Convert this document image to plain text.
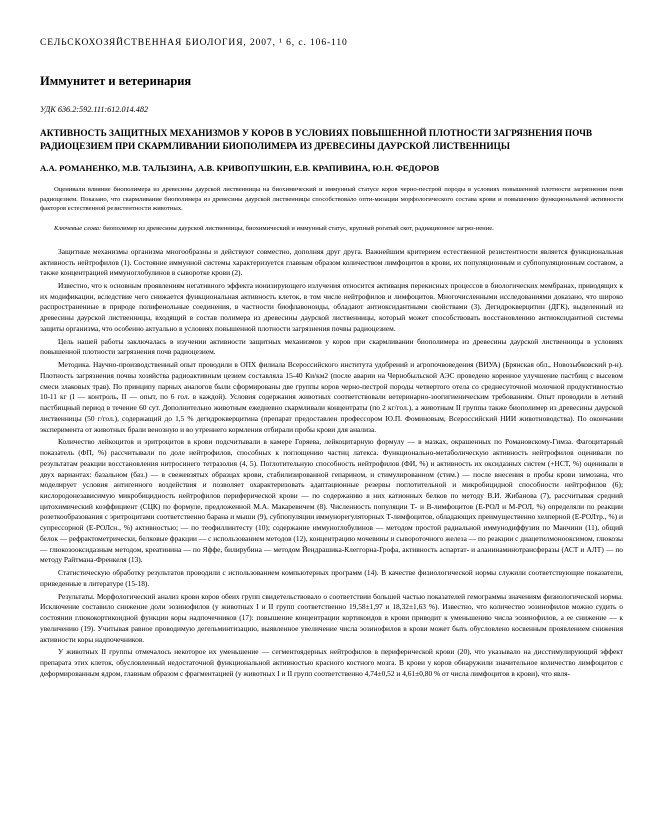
СЕЛЬСКОХОЗЯЙСТВЕННАЯ БИОЛОГИЯ, 2007, ¹ 6, с. 106-110
Иммунитет и ветеринария
УДК 636.2:592.111:612.014.482
АКТИВНОСТЬ ЗАЩИТНЫХ МЕХАНИЗМОВ У КОРОВ В УСЛОВИЯХ ПОВЫШЕННОЙ ПЛОТНОСТИ ЗАГРЯЗНЕНИЯ ПОЧВ РАДИОЦЕЗИЕМ ПРИ СКАРМЛИВАНИИ БИОПОЛИМЕРА ИЗ ДРЕВЕСИНЫ ДАУРСКОЙ ЛИСТВЕННИЦЫ
А.А. РОМАНЕНКО, М.В. ТАЛЫЗИНА, А.В. КРИВОПУШКИН, Е.В. КРАПИВИНА, Ю.Н. ФЕДОРОВ
Оценивали влияние биополимера из древесины даурской лиственницы на биохимический и иммунный статусе коров черно-пестрой породы в условиях повышенной плотности загрязнения почв радиоцезием. Показано, что скармливание биополимера из древесины даурской лиственницы способствовало опти-мизации морфологического состава крови и повышению функциональной активности факторов естественной резистентности животных.
Ключевые слова: биополимер из древесины даурской лиственницы, биохимический и иммунный статус, крупный рогатый скот, радиационное загряз-нение.

Защитные механизмы организма многообразны и действуют совместно, дополняя друг друга. Важнейшим критерием естественной резистентности является функциональная активность нейтрофилов (1). Состояние иммунной системы характеризуется главным образом количеством лимфоцитов в крови, их популяционным и субпопуляционным составом, а также концентрацией иммуноглобулинов в сыворотке крови (2).

Известно, что к основным проявлениям негативного эффекта ионизирующего излучения относится активация перекисных процессов в биологических мембранах, приводящих к их модификации, вследствие чего снижается функциональная активность клеток, в том числе нейтрофилов и лимфоцитов. Многочисленными исследованиями доказано, что широко распространенные в природе полифенольные соединения, в частности биофлавоноиды, обладают антиоксидантными свойствами (3). Дегидрокверцитин (ДГК), выделенный из древесины даурской лиственницы, входящий в состав полимера из древесины даурской лиственницы, который может способствовать восстановлению антиоксидантной системы защиты организма, что особенно актуально в условиях повышенной плотности загрязнения почвы радиоцезием.

Цель нашей работы заключалась в изучении активности защитных механизмов у коров при скармливании биополимера из древесины даурской лиственницы в условиях повышенной плотности загрязнения почв радиоцезием.

Методика. Научно-производственный опыт проводили в ОПХ филиала Всероссийского института удобрений и агропочвоведения (ВИУА) (Брянская обл., Новозыбковский р-н). Плотность загрязнения почвы хозяйства радиоактивным цезием составляла 15-40 Ки/км2 (после аварии на Чернобыльской АЭС проведено коренное улучшение пастбищ с высевом смеси злаковых трав). По принципу парных аналогов были сформированы две группы коров черно-пестрой породы четвертого отела со среднесуточной молочной продуктивностью 10-11 кг (I — контроль, II — опыт, по 6 гол. в каждой). Условия содержания животных соответствовали ветеринарно-зоогигиеническим требованиям. Опыт проводили в летний пастбищный период в течение 60 сут. Дополнительно животным ежедневно скармливали концентраты (по 2 кг/гол.), а животным II группы также биополимер из древесины даурской лиственницы (50 г/гол.), содержащий до 1,5 % дегидрокверцитина (препарат предоставлен профессором Ю.П. Фоминовым, Всероссийский НИИ животноводства). По окончании эксперимента от животных брали венозную и во утреннего кормления отбирали пробы крови для анализа.

Количество лейкоцитов и эритроцитов в крови подсчитывали в камере Горяева, лейкоцитарную формулу — в мазках, окрашенных по Романовскому-Гимза. Фагоцитарный показатель (ФП, %) рассчитывали по доле нейтрофилов, способных к поглощению частиц латекса. Функционально-метаболическую активность нейтрофилов оценивали по результатам реакции восстановления нитросинего тетразолия (4, 5). Поглотительную способность нейтрофилов (ФИ, %) и активность их оксидазных систем (+НСТ, %) оценивали в двух вариантах: базальном (баз.) — в свежевзятых образцах крови, стабилизированной гепарином, и стимулированном (стим.) — после внесения в пробы крови зимозана, что моделирует условия антигенного воздействия и позволяет охарактеризовать адаптационные резервы поглотительной и микробицидной способности нейтрофилов (6); кислородонезависимую микробицидность нейтрофилов периферической крови — по содержанию в них катионных белков по методу В.И. Жибанова (7), рассчитывая средний цитохимический коэффициент (СЦК) по формуле, предложенной М.А. Макаревичем (8). Численность популяции Т- и В-лимфоцитов (Е-РОЛ и М-РОЛ, %) определяли по реакции розеткообразования с эритроцитами соответственно барана и мыши (9), субпопуляции иммунорегуляторных Т-лимфоцитов, обладающих преимущественно хелперной (Е-РОЛтр., %) и супрессорной (Е-РОЛсн., %) активностью; — по теофиллинтесту (10); содержание иммуноглобулинов — методом простой радиальной иммунодиффузии по Манчини (11), общий белок — рефрактометрически, белковые фракции — с использованием методов (12), концентрацию мочевины и сывороточного железа — по реакции с диацетилмонооксимом, глюкозы — глюкозооксидазным методом, креатинина — по Яффе, билирубина — методом Йендрашика-Клеггорна-Грофа, активность аспартат- и аланинаминотрансферазы (АСТ и АЛТ) — по методу Райтмана-Френкеля (13).

Статистическую обработку результатов проводили с использованием компьютерных программ (14). В качестве физиологической нормы служили соответствующие показатели, приведенные в литературе (15-18).

Результаты. Морфологический анализ крови коров обеих групп свидетельствовало о соответствии большей частью показателей гемограммы значениям физиологической нормы. Исключение составило снижение доли эозинофилов (у животных I и II групп соответственно 19,58±1,97 и 18,32±1,63 %). Известно, что количество эозинофилов можно судить о состоянии глюкокортикоидной функции коры надпочечников (17): повышение концентрации кортикоидов в крови приводит к уменьшению числа эозинофилов, а ее снижение — к увеличению (19). Учитывая равное проводимую дегельминтизацию, выявленное увеличение числа эозинофилов в крови может быть обусловлено косвенным проявлением снижения активности коры надпочечников.

У животных II группы отмечалось некоторое их уменьшение — сегментоядерных нейтрофилов в периферической крови (20), что указывало на дисстимулирующий эффект препарата этих клеток, обусловленный недостаточной функциональной активностью красного костного мозга. В крови у коров обнаружили значительное количество лимфоцитов с деформированным ядром, главным образом с фрагментацией (у животных I и II групп соответственно 4,74±0,52 и 4,61±0,80 % от числа лимфоцитов в крови), что явля-
